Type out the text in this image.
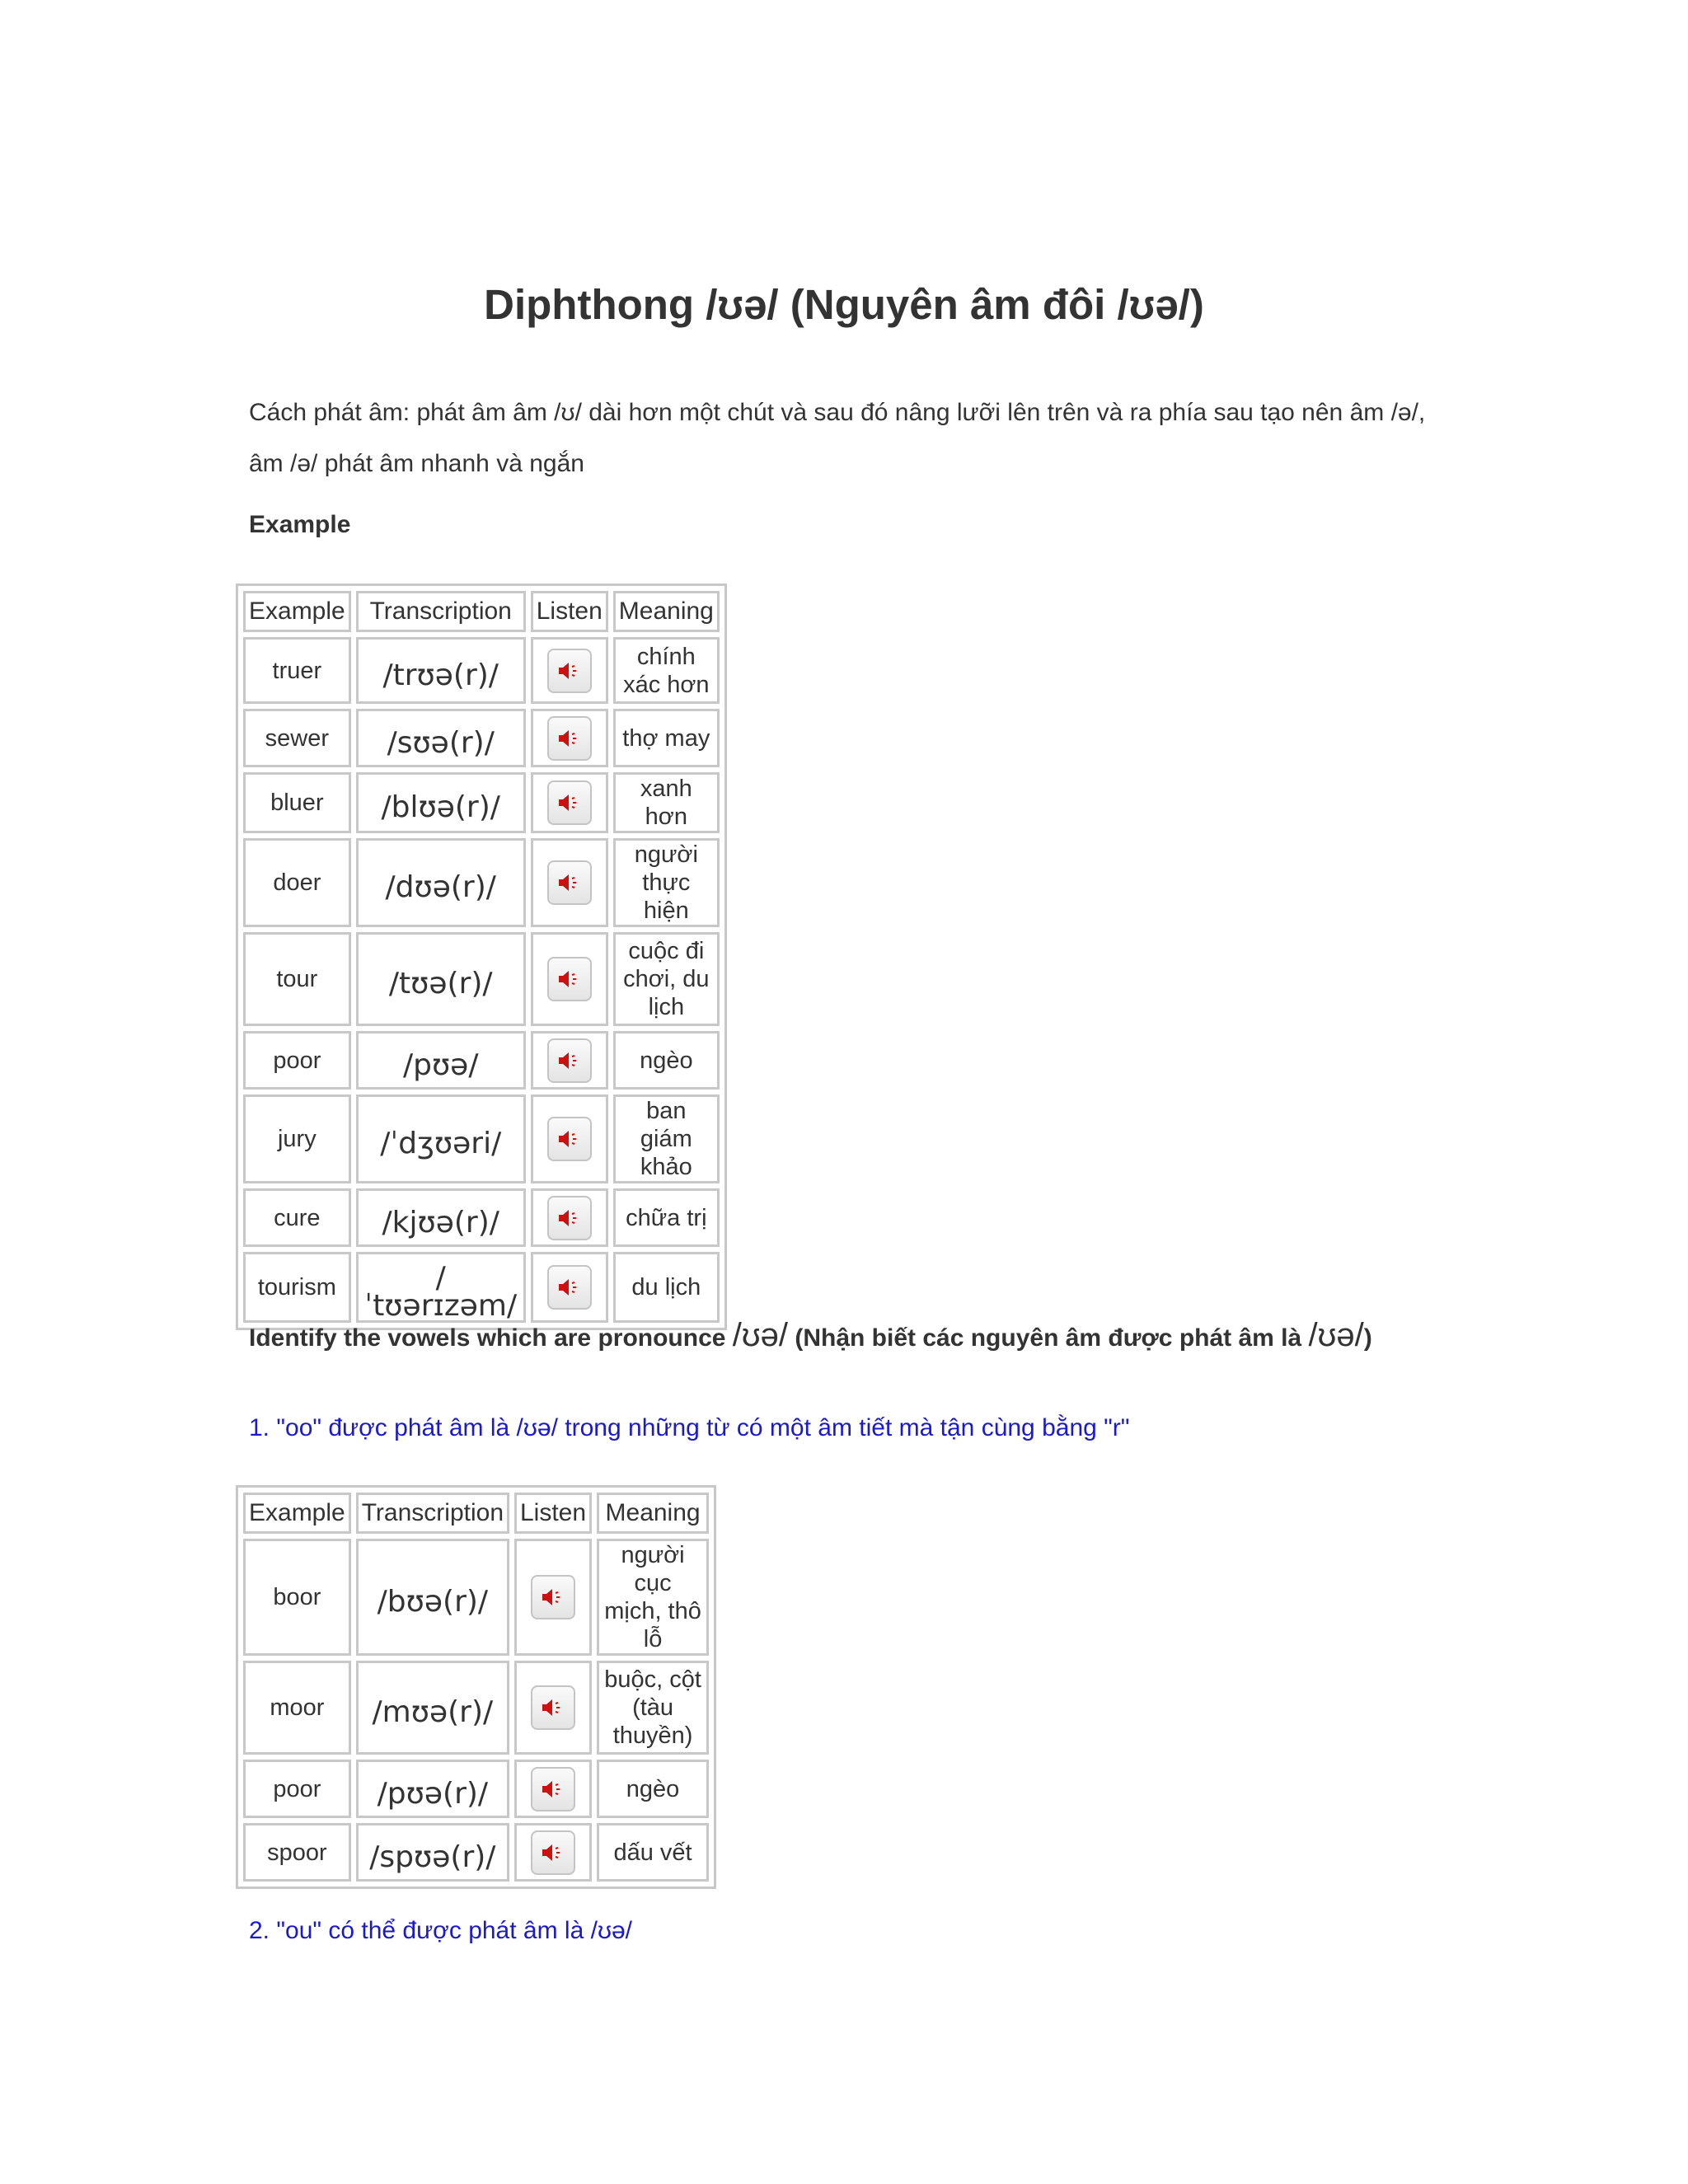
Diphthong /ʊə/ (Nguyên âm đôi /ʊə/)
Cách phát âm: phát âm âm /ʊ/ dài hơn một chút và sau đó nâng lưỡi lên trên và ra phía sau tạo nên âm /ə/, âm /ə/ phát âm nhanh và ngắn
Example
Example	Transcription	Listen	Meaning
truer	/trʊə(r)/		chính xác hơn
sewer	/sʊə(r)/		thợ may
bluer	/blʊə(r)/		xanh hơn
doer	/dʊə(r)/		người thực hiện
tour	/tʊə(r)/		cuộc đi chơi, du lịch
poor	/pʊə/		ngèo
jury	/ˈdʒʊəri/		ban giám khảo
cure	/kjʊə(r)/		chữa trị
tourism	/ˈtʊərɪzəm/		du lịch
Identify the vowels which are pronounce /ʊə/ (Nhận biết các nguyên âm được phát âm là /ʊə/)
1. "oo" được phát âm là /ʊə/ trong những từ có một âm tiết mà tận cùng bằng "r"
Example	Transcription	Listen	Meaning
boor	/bʊə(r)/		người cục mịch, thô lỗ
moor	/mʊə(r)/		buộc, cột (tàu thuyền)
poor	/pʊə(r)/		ngèo
spoor	/spʊə(r)/		dấu vết
2. "ou" có thể được phát âm là /ʊə/
